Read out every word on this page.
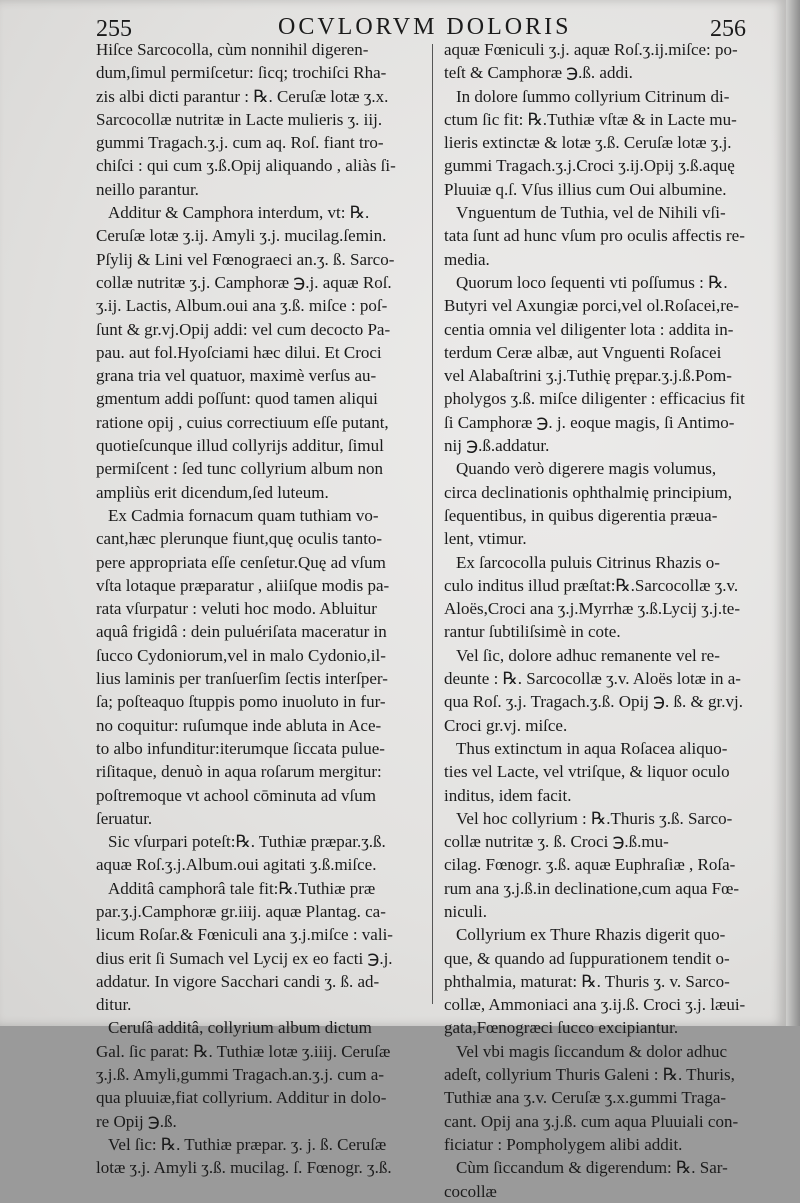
255	OCVLORVM DOLORIS	256
Hiſce Sarcocolla, cùm nonnihil digeren-
dum,ſimul permiſcetur: ſicq; trochiſci Rha-
zis albi dicti parantur : ℞. Ceruſæ lotæ ʒ.x.
Sarcocollæ nutritæ in Lacte mulieris ʒ. iij.
gummi Tragach.ʒ.j. cum aq. Roſ. fiant tro-
chiſci : qui cum ʒ.ß.Opij aliquando , aliàs ſi-
neillo parantur.
Additur & Camphora interdum, vt: ℞.
Ceruſæ lotæ ʒ.ij. Amyli ʒ.j. mucilag.ſemin.
Pſylij & Lini vel Fœnograeci an.ʒ. ß. Sarco-
collæ nutritæ ʒ.j. Camphoræ ℈.j. aquæ Roſ.
ʒ.ij. Lactis, Album.oui ana ʒ.ß. miſce : poſ-
ſunt & gr.vj.Opij addi: vel cum decocto Pa-
pau. aut fol.Hyoſciami hæc dilui. Et Croci
grana tria vel quatuor, maximè verſus au-
gmentum addi poſſunt: quod tamen aliqui
ratione opij , cuius correctiuum eſſe putant,
quotieſcunque illud collyrijs additur, ſimul
permiſcent : ſed tunc collyrium album non
ampliùs erit dicendum,ſed luteum.
Ex Cadmia fornacum quam tuthiam vo-
cant,hæc plerunque fiunt,quę oculis tanto-
pere appropriata eſſe cenſetur.Quę ad vſum
vſta lotaque præparatur , aliiſque modis pa-
rata vſurpatur : veluti hoc modo. Abluitur
aquâ frigidâ : dein puluériſata maceratur in
ſucco Cydoniorum,vel in malo Cydonio,il-
lius laminis per tranſuerſim ſectis interſper-
ſa; poſteaquo ſtuppis pomo inuoluto in fur-
no coquitur: ruſumque inde abluta in Ace-
to albo infunditur:iterumque ſiccata pulue-
riſitaque, denuò in aqua roſarum mergitur:
poſtremoque vt achool cōminuta ad vſum
ſeruatur.
Sic vſurpari poteſt:℞. Tuthiæ præpar.ʒ.ß.
aquæ Roſ.ʒ.j.Album.oui agitati ʒ.ß.miſce.
Additâ camphorâ tale fit:℞.Tuthiæ præ
par.ʒ.j.Camphoræ gr.iiij. aquæ Plantag. ca-
licum Roſar.& Fœniculi ana ʒ.j.miſce : vali-
dius erit ſi Sumach vel Lycij ex eo facti ℈.j.
addatur. In vigore Sacchari candi ʒ. ß. ad-
ditur.
Ceruſâ additâ, collyrium album dictum
Gal. ſic parat: ℞. Tuthiæ lotæ ʒ.iiij. Ceruſæ
ʒ.j.ß. Amyli,gummi Tragach.an.ʒ.j. cum a-
qua pluuiæ,fiat collyrium. Additur in dolo-
re Opij ℈.ß.
Vel ſic: ℞. Tuthiæ præpar. ʒ. j. ß. Ceruſæ
lotæ ʒ.j. Amyli ʒ.ß. mucilag. ſ. Fœnogr. ʒ.ß.
aquæ Fœniculi ʒ.j. aquæ Roſ.ʒ.ij.miſce: po-
teſt & Camphoræ ℈.ß. addi.
In dolore ſummo collyrium Citrinum di-
ctum ſic fit: ℞.Tuthiæ vſtæ & in Lacte mu-
lieris extinctæ & lotæ ʒ.ß. Ceruſæ lotæ ʒ.j.
gummi Tragach.ʒ.j.Croci ʒ.ij.Opij ʒ.ß.aquę
Pluuiæ q.ſ. Vſus illius cum Oui albumine.
Vnguentum de Tuthia, vel de Nihili vſi-
tata ſunt ad hunc vſum pro oculis affectis re-
media.
Quorum loco ſequenti vti poſſumus : ℞.
Butyri vel Axungiæ porci,vel ol.Roſacei,re-
centia omnia vel diligenter lota : addita in-
terdum Ceræ albæ, aut Vnguenti Roſacei
vel Alabaſtrini ʒ.j.Tuthię prępar.ʒ.j.ß.Pom-
pholygos ʒ.ß. miſce diligenter : efficacius fit
ſi Camphoræ ℈. j. eoque magis, ſi Antimo-
nij ℈.ß.addatur.
Quando verò digerere magis volumus,
circa declinationis ophthalmię principium,
ſequentibus, in quibus digerentia præua-
lent, vtimur.
Ex ſarcocolla puluis Citrinus Rhazis o-
culo inditus illud præſtat:℞.Sarcocollæ ʒ.v.
Aloës,Croci ana ʒ.j.Myrrhæ ʒ.ß.Lycij ʒ.j.te-
rantur ſubtiliſsimè in cote.
Vel ſic, dolore adhuc remanente vel re-
deunte : ℞. Sarcocollæ ʒ.v. Aloës lotæ in a-
qua Roſ. ʒ.j. Tragach.ʒ.ß. Opij ℈. ß. & gr.vj.
Croci gr.vj. miſce.
Thus extinctum in aqua Roſacea aliquo-
ties vel Lacte, vel vtriſque, & liquor oculo
inditus, idem facit.
Vel hoc collyrium : ℞.Thuris ʒ.ß. Sarco-
collæ nutritæ ʒ. ß. Croci ℈.ß.mu-
cilag. Fœnogr. ʒ.ß. aquæ Euphraſiæ , Roſa-
rum ana ʒ.j.ß.in declinatione,cum aqua Fœ-
niculi.
Collyrium ex Thure Rhazis digerit quo-
que, & quando ad ſuppurationem tendit o-
phthalmia, maturat: ℞. Thuris ʒ. v. Sarco-
collæ, Ammoniaci ana ʒ.ij.ß. Croci ʒ.j. læui-
gata,Fœnogræci ſucco excipiantur.
Vel vbi magis ſiccandum & dolor adhuc
adeſt, collyrium Thuris Galeni : ℞. Thuris,
Tuthiæ ana ʒ.v. Ceruſæ ʒ.x.gummi Traga-
cant. Opij ana ʒ.j.ß. cum aqua Pluuiali con-
ficiatur : Pompholygem alibi addit.
Cùm ſiccandum & digerendum: ℞. Sar-
cocollæ
